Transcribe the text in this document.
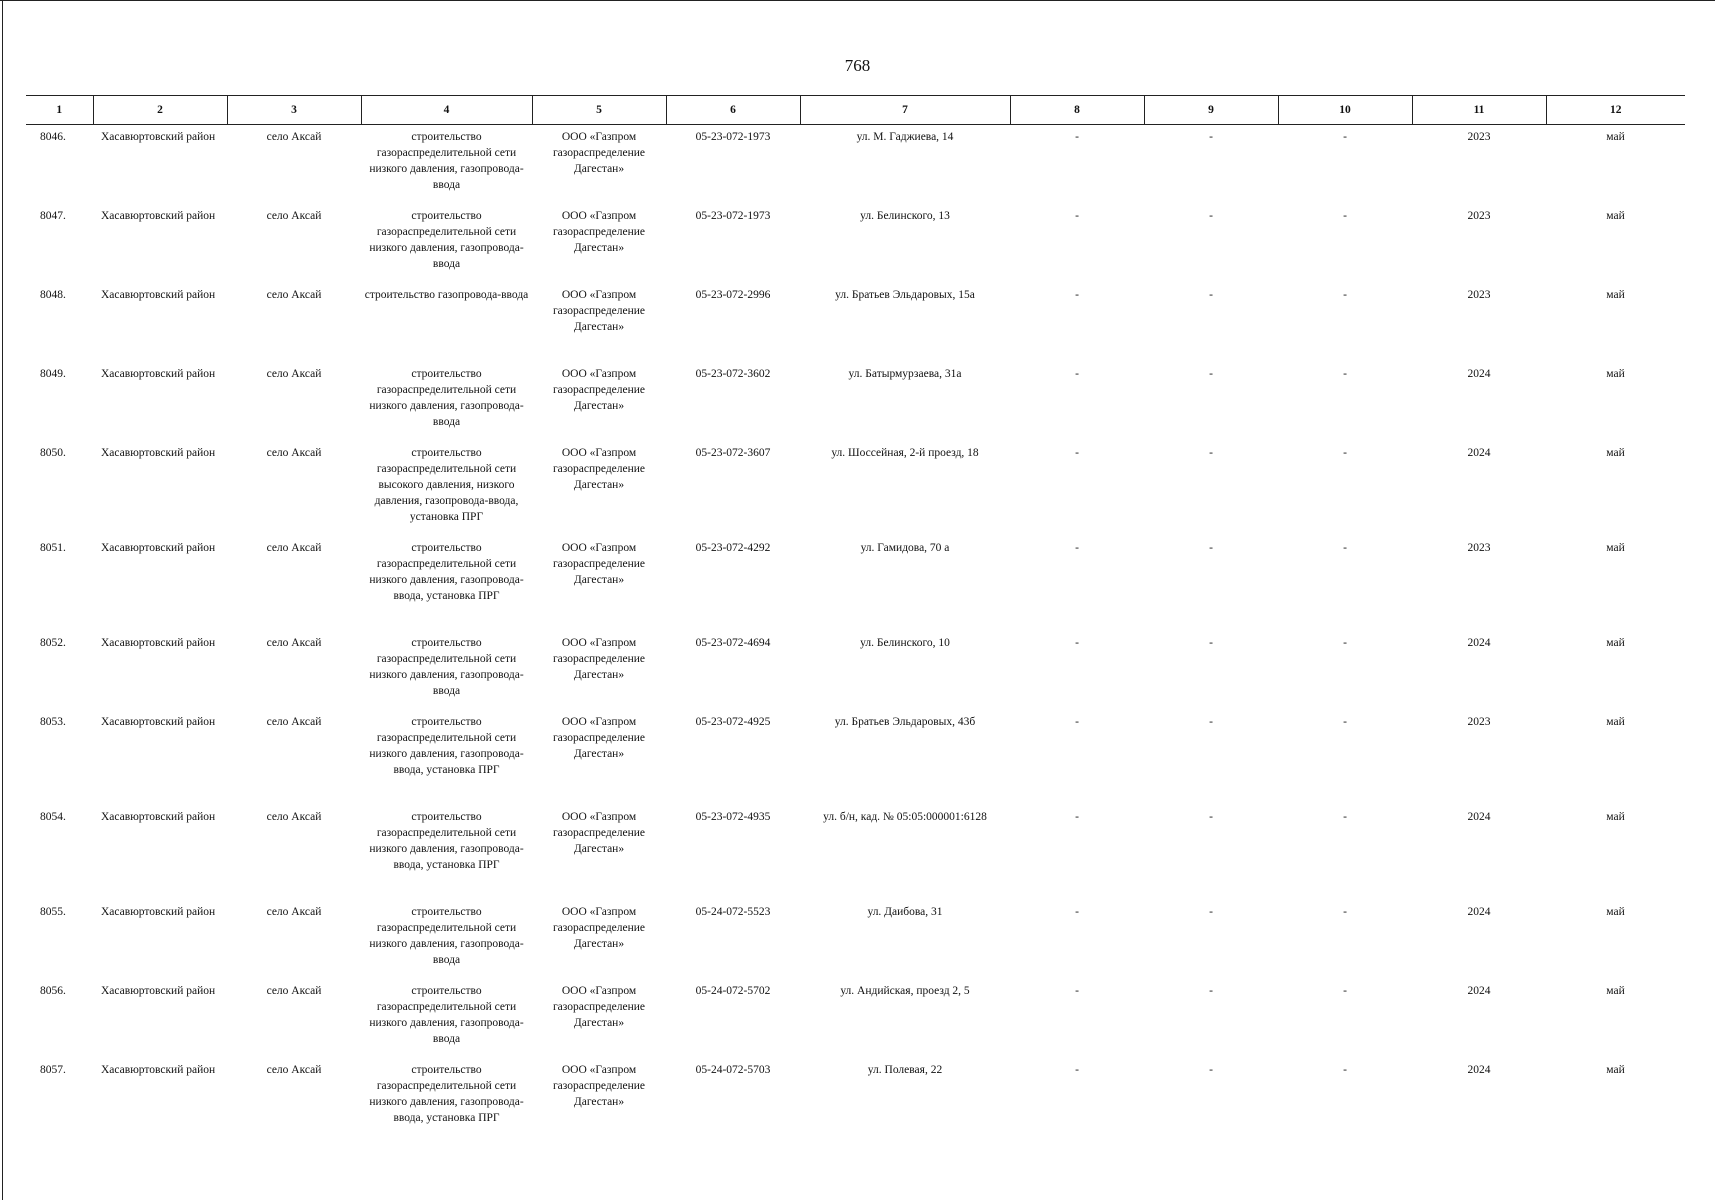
768
1	2	3	4	5	6	7	8	9	10	11	12
8046.	Хасавюртовский район	село Аксай	строительство газораспределительной сети низкого давления, газопровода-ввода	ООО «Газпром газораспределение Дагестан»	05-23-072-1973	ул. М. Гаджиева, 14	-	-	-	2023	май
8047.	Хасавюртовский район	село Аксай	строительство газораспределительной сети низкого давления, газопровода-ввода	ООО «Газпром газораспределение Дагестан»	05-23-072-1973	ул. Белинского, 13	-	-	-	2023	май
8048.	Хасавюртовский район	село Аксай	строительство газопровода-ввода	ООО «Газпром газораспределение Дагестан»	05-23-072-2996	ул. Братьев Эльдаровых, 15а	-	-	-	2023	май
8049.	Хасавюртовский район	село Аксай	строительство газораспределительной сети низкого давления, газопровода-ввода	ООО «Газпром газораспределение Дагестан»	05-23-072-3602	ул. Батырмурзаева, 31а	-	-	-	2024	май
8050.	Хасавюртовский район	село Аксай	строительство газораспределительной сети высокого давления, низкого давления, газопровода-ввода, установка ПРГ	ООО «Газпром газораспределение Дагестан»	05-23-072-3607	ул. Шоссейная, 2-й проезд, 18	-	-	-	2024	май
8051.	Хасавюртовский район	село Аксай	строительство газораспределительной сети низкого давления, газопровода-ввода, установка ПРГ	ООО «Газпром газораспределение Дагестан»	05-23-072-4292	ул. Гамидова, 70 а	-	-	-	2023	май
8052.	Хасавюртовский район	село Аксай	строительство газораспределительной сети низкого давления, газопровода-ввода	ООО «Газпром газораспределение Дагестан»	05-23-072-4694	ул. Белинского, 10	-	-	-	2024	май
8053.	Хасавюртовский район	село Аксай	строительство газораспределительной сети низкого давления, газопровода-ввода, установка ПРГ	ООО «Газпром газораспределение Дагестан»	05-23-072-4925	ул. Братьев Эльдаровых, 43б	-	-	-	2023	май
8054.	Хасавюртовский район	село Аксай	строительство газораспределительной сети низкого давления, газопровода-ввода, установка ПРГ	ООО «Газпром газораспределение Дагестан»	05-23-072-4935	ул. б/н, кад. № 05:05:000001:6128	-	-	-	2024	май
8055.	Хасавюртовский район	село Аксай	строительство газораспределительной сети низкого давления, газопровода-ввода	ООО «Газпром газораспределение Дагестан»	05-24-072-5523	ул. Даибова, 31	-	-	-	2024	май
8056.	Хасавюртовский район	село Аксай	строительство газораспределительной сети низкого давления, газопровода-ввода	ООО «Газпром газораспределение Дагестан»	05-24-072-5702	ул. Андийская, проезд 2, 5	-	-	-	2024	май
8057.	Хасавюртовский район	село Аксай	строительство газораспределительной сети низкого давления, газопровода-ввода, установка ПРГ	ООО «Газпром газораспределение Дагестан»	05-24-072-5703	ул. Полевая, 22	-	-	-	2024	май
